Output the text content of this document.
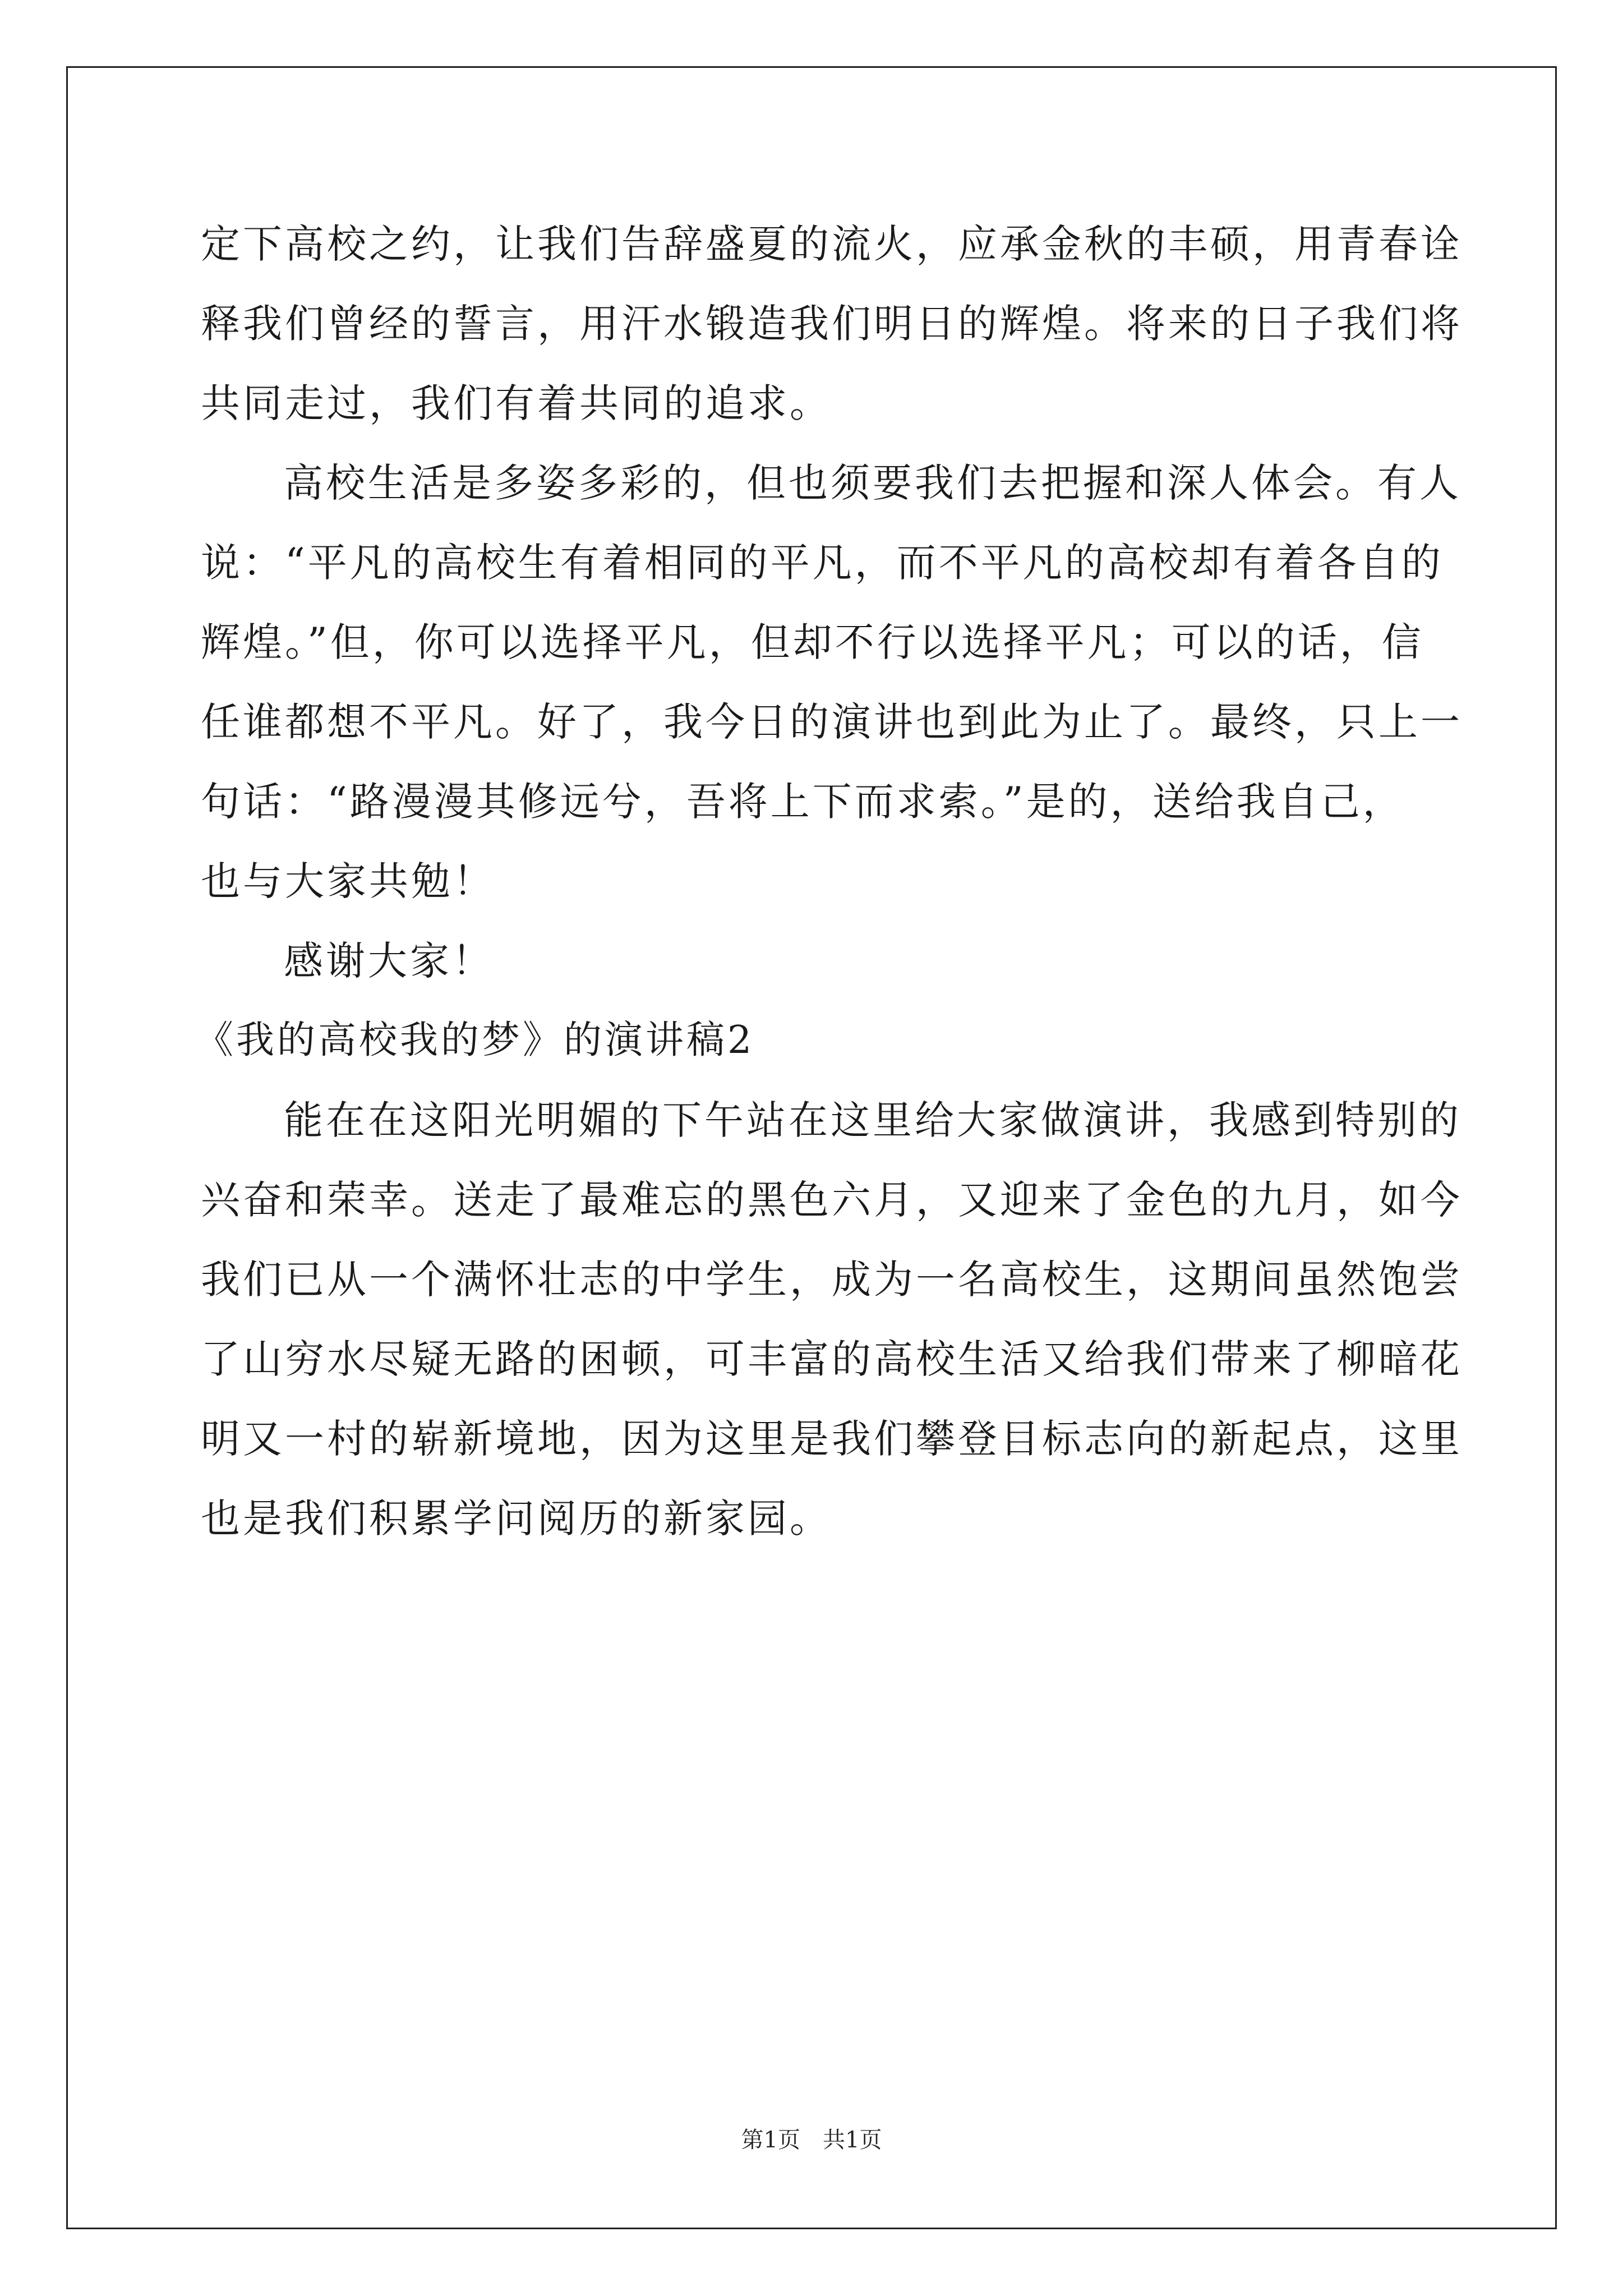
定下高校之约，让我们告辞盛夏的流火，应承金秋的丰硕，用青春诠
释我们曾经的誓言，用汗水锻造我们明日的辉煌。将来的日子我们将
共同走过，我们有着共同的追求。
高校生活是多姿多彩的，但也须要我们去把握和深人体会。有人
说：“平凡的高校生有着相同的平凡，而不平凡的高校却有着各自的
辉煌。”但，你可以选择平凡，但却不行以选择平凡；可以的话，信
任谁都想不平凡。好了，我今日的演讲也到此为止了。最终，只上一
句话：“路漫漫其修远兮，吾将上下而求索。”是的，送给我自己，
也与大家共勉！
感谢大家！
《我的高校我的梦》的演讲稿2
能在在这阳光明媚的下午站在这里给大家做演讲，我感到特别的
兴奋和荣幸。送走了最难忘的黑色六月，又迎来了金色的九月，如今
我们已从一个满怀壮志的中学生，成为一名高校生，这期间虽然饱尝
了山穷水尽疑无路的困顿，可丰富的高校生活又给我们带来了柳暗花
明又一村的崭新境地，因为这里是我们攀登目标志向的新起点，这里
也是我们积累学问阅历的新家园。
第1页　共1页
